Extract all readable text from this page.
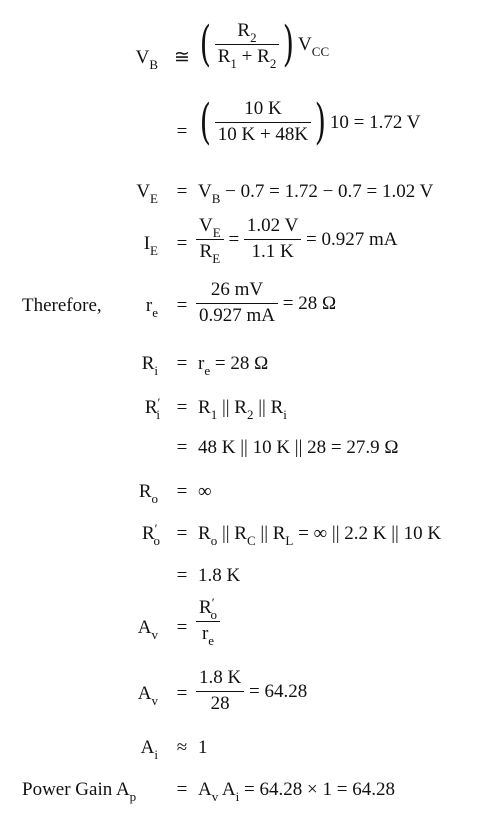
$V_B$ ≅ ( $\frac{R_2}{R_1 + R_2}$ ) $V_{CC}$
= ( $\frac{10 K}{10 K + 48K}$ ) 10 = 1.72 V
$V_E = V_B - 0.7 = 1.72 - 0.7 = 1.02$ V
$I_E = \frac{V_E}{R_E} = \frac{1.02 V}{1.1 K} = 0.927$ mA
Therefore, $r_e = \frac{26 mV}{0.927 mA} = 28$ Ω
$R_i = r_e = 28$ Ω
$R'_i = R_1$ || $R_2$ || $R_i$
= 48 K || 10 K || 28 = 27.9 Ω
$R_o$ = ∞
$R'_o = R_o$ || $R_C$ || $R_L$ = ∞ || 2.2 K || 10 K
= 1.8 K
$A_v = \frac{R'_o}{r_e}$
$A_v = \frac{1.8 K}{28} = 64.28$
$A_i \approx 1$
Power Gain $A_p = A_v$ $A_i = 64.28 \times 1 = 64.28$
